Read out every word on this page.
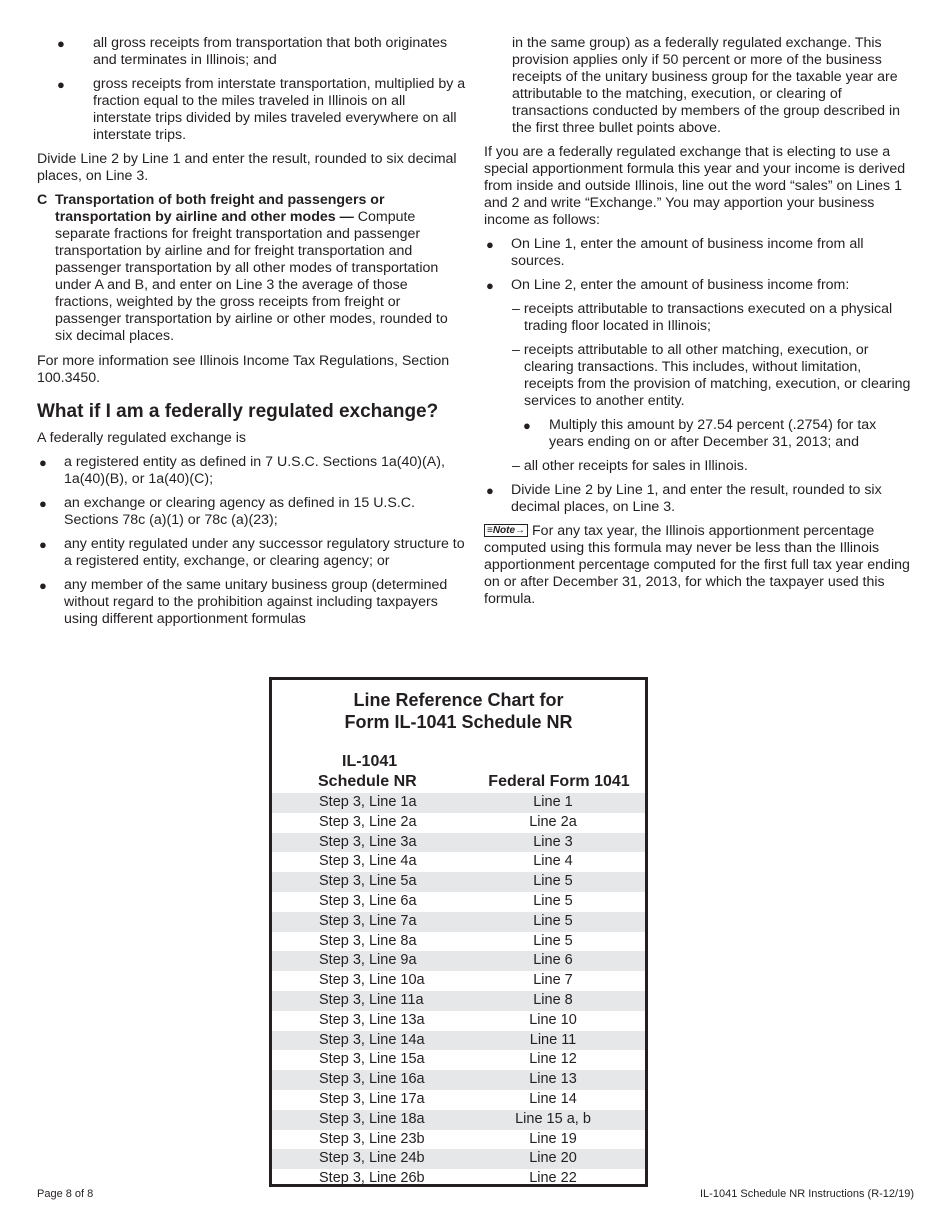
● all gross receipts from transportation that both originates and terminates in Illinois; and
● gross receipts from interstate transportation, multiplied by a fraction equal to the miles traveled in Illinois on all interstate trips divided by miles traveled everywhere on all interstate trips.

Divide Line 2 by Line 1 and enter the result, rounded to six decimal places, on Line 3.

C Transportation of both freight and passengers or transportation by airline and other modes — Compute separate fractions for freight transportation and passenger transportation by airline and for freight transportation and passenger transportation by all other modes of transportation under A and B, and enter on Line 3 the average of those fractions, weighted by the gross receipts from freight or passenger transportation by airline or other modes, rounded to six decimal places.

For more information see Illinois Income Tax Regulations, Section 100.3450.

What if I am a federally regulated exchange?

A federally regulated exchange is

● a registered entity as defined in 7 U.S.C. Sections 1a(40)(A), 1a(40)(B), or 1a(40)(C);
● an exchange or clearing agency as defined in 15 U.S.C. Sections 78c (a)(1) or 78c (a)(23);
● any entity regulated under any successor regulatory structure to a registered entity, exchange, or clearing agency; or
● any member of the same unitary business group (determined without regard to the prohibition against including taxpayers using different apportionment formulas

in the same group) as a federally regulated exchange. This provision applies only if 50 percent or more of the business receipts of the unitary business group for the taxable year are attributable to the matching, execution, or clearing of transactions conducted by members of the group described in the first three bullet points above.

If you are a federally regulated exchange that is electing to use a special apportionment formula this year and your income is derived from inside and outside Illinois, line out the word “sales” on Lines 1 and 2 and write “Exchange.” You may apportion your business income as follows:

● On Line 1, enter the amount of business income from all sources.
● On Line 2, enter the amount of business income from:
– receipts attributable to transactions executed on a physical trading floor located in Illinois;
– receipts attributable to all other matching, execution, or clearing transactions. This includes, without limitation, receipts from the provision of matching, execution, or clearing services to another entity.
● Multiply this amount by 27.54 percent (.2754) for tax years ending on or after December 31, 2013; and
– all other receipts for sales in Illinois.
● Divide Line 2 by Line 1, and enter the result, rounded to six decimal places, on Line 3.

≡Note→ For any tax year, the Illinois apportionment percentage computed using this formula may never be less than the Illinois apportionment percentage computed for the first full tax year ending on or after December 31, 2013, for which the taxpayer used this formula.

Line Reference Chart for
Form IL-1041 Schedule NR
IL-1041
Schedule NR	Federal Form 1041
Step 3, Line 1a	Line 1
Step 3, Line 2a	Line 2a
Step 3, Line 3a	Line 3
Step 3, Line 4a	Line 4
Step 3, Line 5a	Line 5
Step 3, Line 6a	Line 5
Step 3, Line 7a	Line 5
Step 3, Line 8a	Line 5
Step 3, Line 9a	Line 6
Step 3, Line 10a	Line 7
Step 3, Line 11a	Line 8
Step 3, Line 13a	Line 10
Step 3, Line 14a	Line 11
Step 3, Line 15a	Line 12
Step 3, Line 16a	Line 13
Step 3, Line 17a	Line 14
Step 3, Line 18a	Line 15 a, b
Step 3, Line 23b	Line 19
Step 3, Line 24b	Line 20
Step 3, Line 26b	Line 22
Page 8 of 8	IL-1041 Schedule NR Instructions (R-12/19)
